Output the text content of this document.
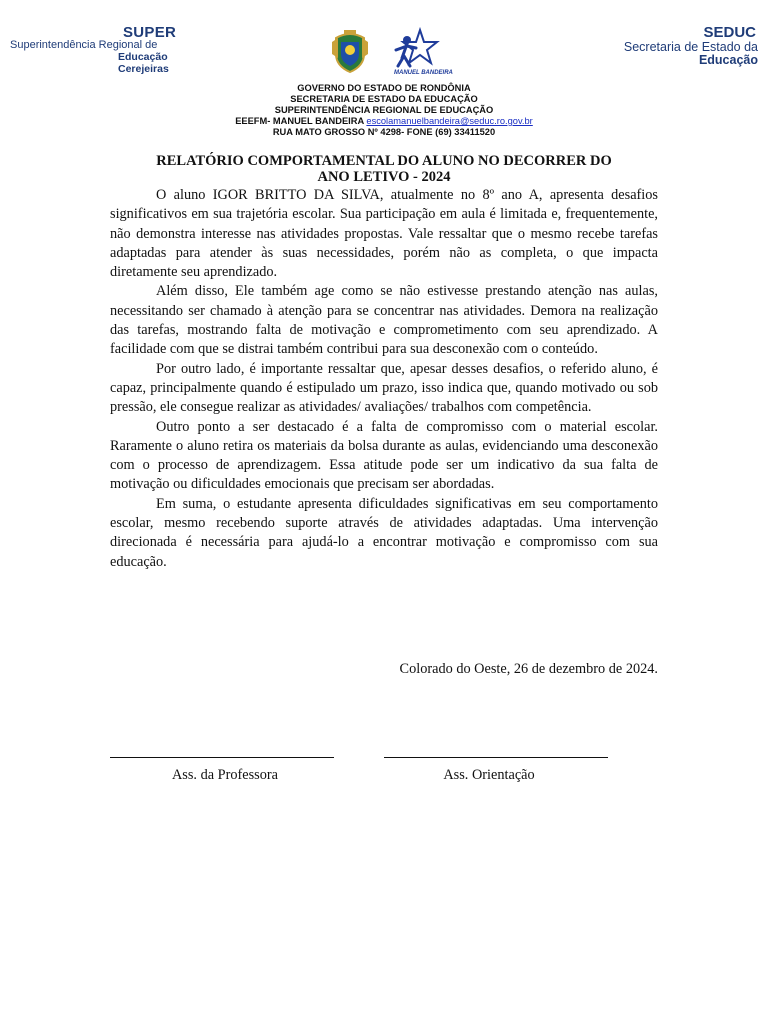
SUPER
Superintendência Regional de
Educação
Cerejeiras	MANUEL BANDEIRA
SEDUC
Secretaria de Estado da
Educação
GOVERNO DO ESTADO DE RONDÔNIA
SECRETARIA DE ESTADO DA EDUCAÇÃO
SUPERINTENDÊNCIA REGIONAL DE EDUCAÇÃO
EEEFM- MANUEL BANDEIRA escolamanuelbandeira@seduc.ro.gov.br
RUA MATO GROSSO Nº 4298- FONE (69) 33411520
RELATÓRIO COMPORTAMENTAL DO ALUNO NO DECORRER DO
ANO LETIVO - 2024

O aluno IGOR BRITTO DA SILVA, atualmente no 8º ano A, apresenta desafios significativos em sua trajetória escolar. Sua participação em aula é limitada e, frequentemente, não demonstra interesse nas atividades propostas. Vale ressaltar que o mesmo recebe tarefas adaptadas para atender às suas necessidades, porém não as completa, o que impacta diretamente seu aprendizado.

Além disso, Ele também age como se não estivesse prestando atenção nas aulas, necessitando ser chamado à atenção para se concentrar nas atividades. Demora na realização das tarefas, mostrando falta de motivação e comprometimento com seu aprendizado. A facilidade com que se distrai também contribui para sua desconexão com o conteúdo.

Por outro lado, é importante ressaltar que, apesar desses desafios, o referido aluno, é capaz, principalmente quando é estipulado um prazo, isso indica que, quando motivado ou sob pressão, ele consegue realizar as atividades/ avaliações/ trabalhos com competência.

Outro ponto a ser destacado é a falta de compromisso com o material escolar. Raramente o aluno retira os materiais da bolsa durante as aulas, evidenciando uma desconexão com o processo de aprendizagem. Essa atitude pode ser um indicativo da sua falta de motivação ou dificuldades emocionais que precisam ser abordadas.

Em suma, o estudante apresenta dificuldades significativas em seu comportamento escolar, mesmo recebendo suporte através de atividades adaptadas. Uma intervenção direcionada é necessária para ajudá-lo a encontrar motivação e compromisso com sua educação.

Colorado do Oeste, 26 de dezembro de 2024.
Ass. da Professora	Ass. Orientação
